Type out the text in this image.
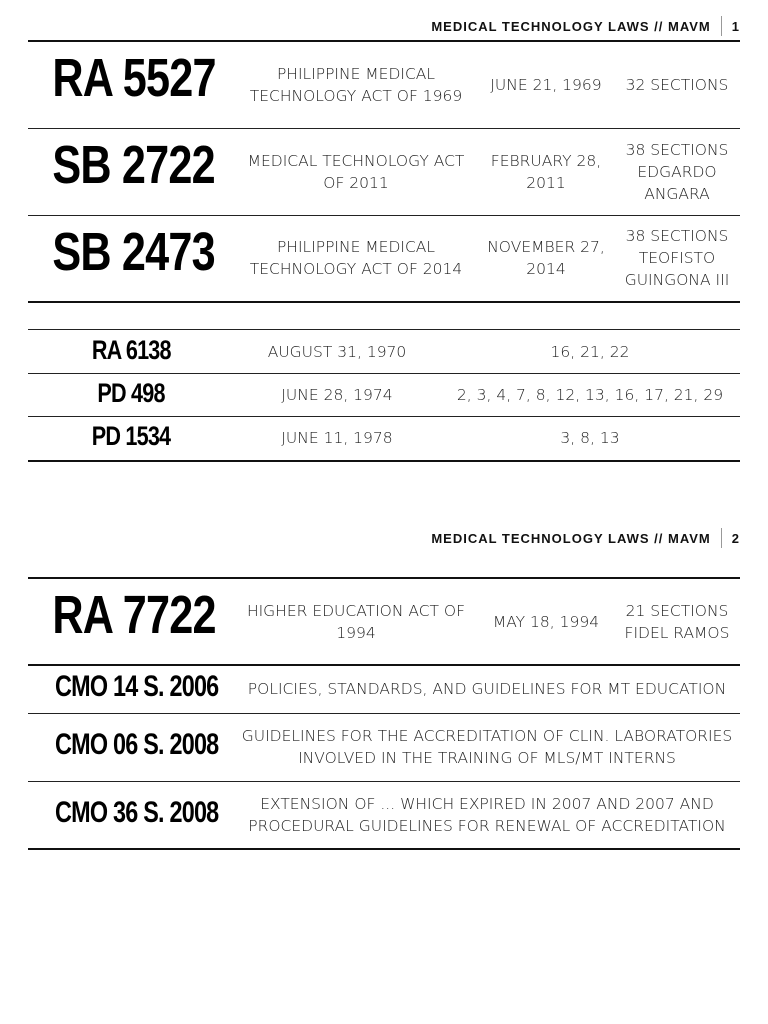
MEDICAL TECHNOLOGY LAWS // MAVM 1
RA 5527	PHILIPPINE MEDICAL TECHNOLOGY ACT OF 1969	JUNE 21, 1969	32 SECTIONS
SB 2722	MEDICAL TECHNOLOGY ACT OF 2011	FEBRUARY 28, 2011	38 SECTIONS EDGARDO ANGARA
SB 2473	PHILIPPINE MEDICAL TECHNOLOGY ACT OF 2014	NOVEMBER 27, 2014	38 SECTIONS TEOFISTO GUINGONA III
RA 6138	AUGUST 31, 1970	16, 21, 22
PD 498	JUNE 28, 1974	2, 3, 4, 7, 8, 12, 13, 16, 17, 21, 29
PD 1534	JUNE 11, 1978	3, 8, 13
MEDICAL TECHNOLOGY LAWS // MAVM 2
RA 7722	HIGHER EDUCATION ACT OF 1994	MAY 18, 1994	21 SECTIONS FIDEL RAMOS
CMO 14 S. 2006	POLICIES, STANDARDS, AND GUIDELINES FOR MT EDUCATION
CMO 06 S. 2008	GUIDELINES FOR THE ACCREDITATION OF CLIN. LABORATORIES INVOLVED IN THE TRAINING OF MLS/MT INTERNS
CMO 36 S. 2008	EXTENSION OF ... WHICH EXPIRED IN 2007 AND 2007 AND PROCEDURAL GUIDELINES FOR RENEWAL OF ACCREDITATION
